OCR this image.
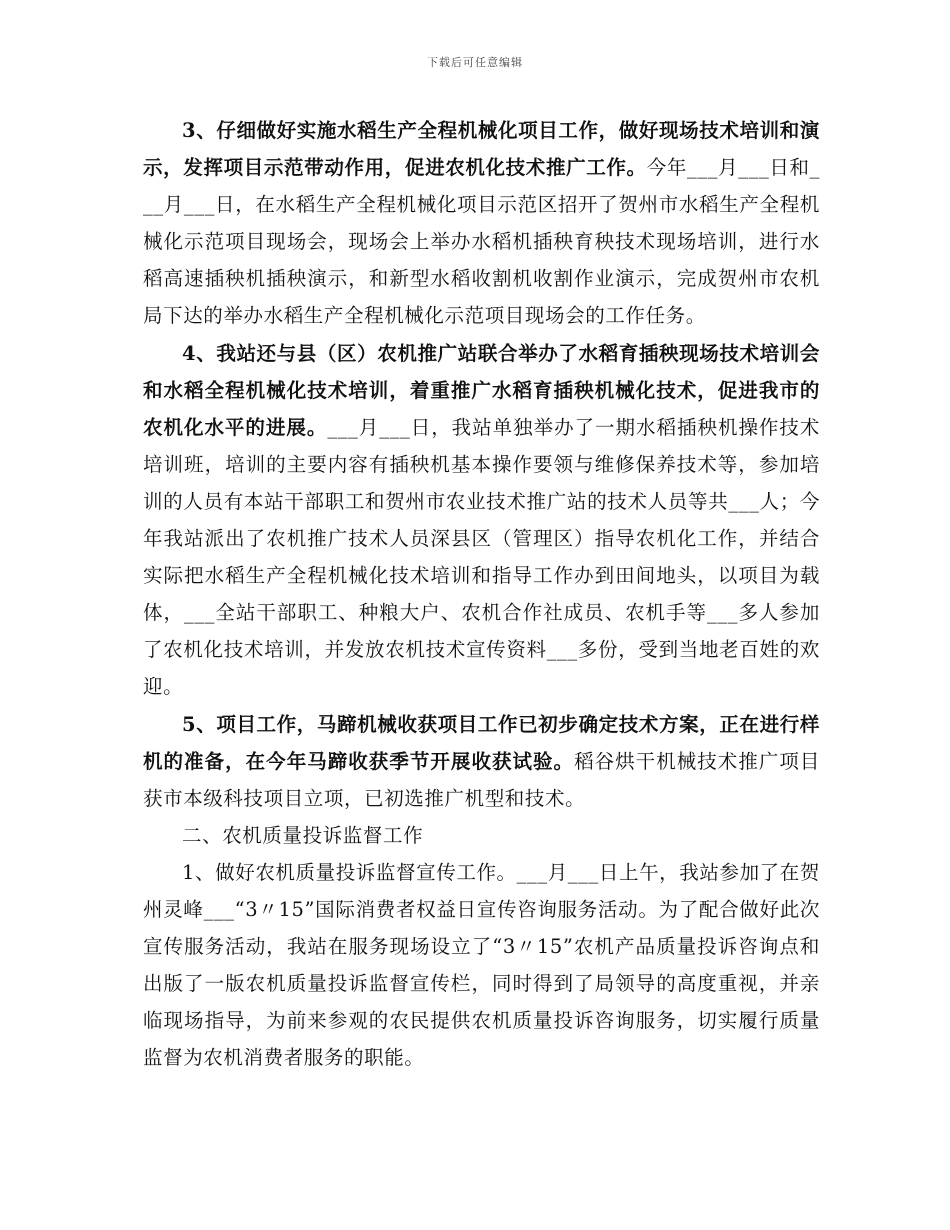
下载后可任意编辑

3、仔细做好实施水稻生产全程机械化项目工作，做好现场技术培训和演示，发挥项目示范带动作用，促进农机化技术推广工作。今年___月___日和___月___日，在水稻生产全程机械化项目示范区招开了贺州市水稻生产全程机械化示范项目现场会，现场会上举办水稻机插秧育秧技术现场培训，进行水稻高速插秧机插秧演示，和新型水稻收割机收割作业演示，完成贺州市农机局下达的举办水稻生产全程机械化示范项目现场会的工作任务。

4、我站还与县（区）农机推广站联合举办了水稻育插秧现场技术培训会和水稻全程机械化技术培训，着重推广水稻育插秧机械化技术，促进我市的农机化水平的进展。___月___日，我站单独举办了一期水稻插秧机操作技术培训班，培训的主要内容有插秧机基本操作要领与维修保养技术等，参加培训的人员有本站干部职工和贺州市农业技术推广站的技术人员等共___人；今年我站派出了农机推广技术人员深县区（管理区）指导农机化工作，并结合实际把水稻生产全程机械化技术培训和指导工作办到田间地头，以项目为载体，___全站干部职工、种粮大户、农机合作社成员、农机手等___多人参加了农机化技术培训，并发放农机技术宣传资料___多份，受到当地老百姓的欢迎。

5、项目工作，马蹄机械收获项目工作已初步确定技术方案，正在进行样机的准备，在今年马蹄收获季节开展收获试验。稻谷烘干机械技术推广项目获市本级科技项目立项，已初选推广机型和技术。

二、农机质量投诉监督工作

1、做好农机质量投诉监督宣传工作。___月___日上午，我站参加了在贺州灵峰___“3〃15”国际消费者权益日宣传咨询服务活动。为了配合做好此次宣传服务活动，我站在服务现场设立了“3〃15”农机产品质量投诉咨询点和出版了一版农机质量投诉监督宣传栏，同时得到了局领导的高度重视，并亲临现场指导，为前来参观的农民提供农机质量投诉咨询服务，切实履行质量监督为农机消费者服务的职能。
